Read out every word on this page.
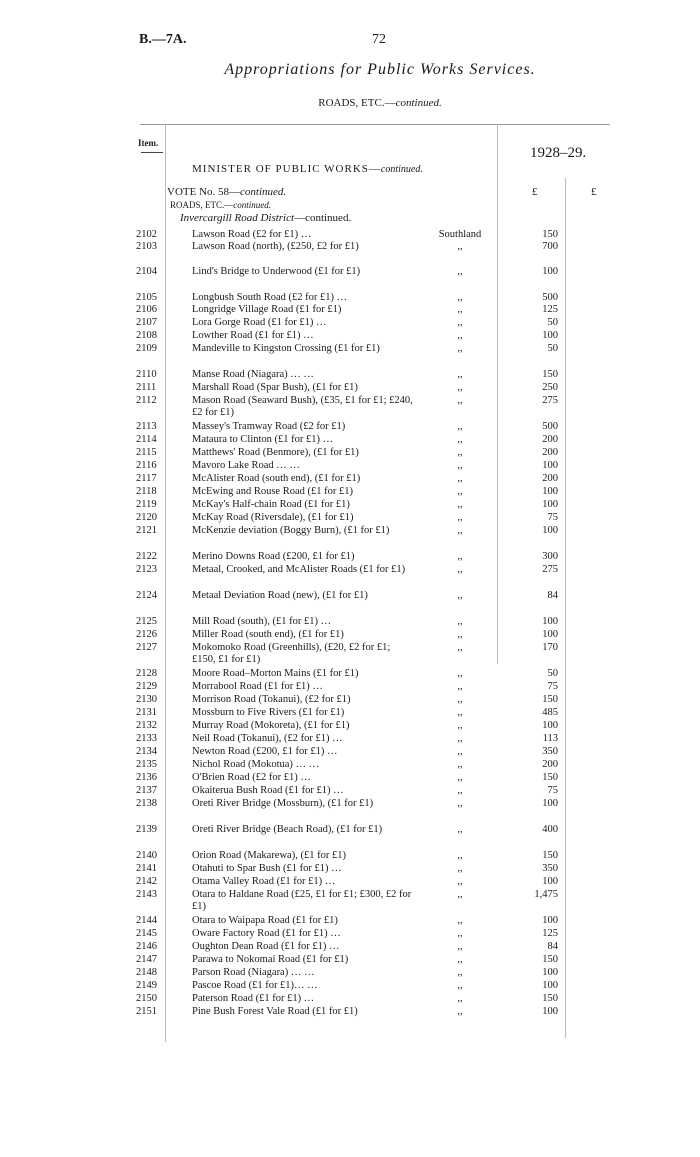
B.—7A.	72
Appropriations for Public Works Services.
ROADS, ETC.—continued.
Item.
1928–29.
MINISTER OF PUBLIC WORKS—continued.
VOTE No. 58—continued.	£	£
ROADS, ETC.—continued.
Invercargill Road District—continued.
2102	Lawson Road (£2 for £1) …	Southland	150
2103	Lawson Road (north), (£250, £2 for £1)	,,	700
2104	Lind's Bridge to Underwood (£1 for £1)	,,	100
2105	Longbush South Road (£2 for £1) …	,,	500
2106	Longridge Village Road (£1 for £1)	,,	125
2107	Lora Gorge Road (£1 for £1) …	,,	50
2108	Lowther Road (£1 for £1) …	,,	100
2109	Mandeville to Kingston Crossing (£1 for £1)	,,	50
2110	Manse Road (Niagara) … …	,,	150
2111	Marshall Road (Spar Bush), (£1 for £1)	,,	250
2112	Mason Road (Seaward Bush), (£35, £1 for £1; £240, £2 for £1)
,,	275
2113	Massey's Tramway Road (£2 for £1)	,,	500
2114	Mataura to Clinton (£1 for £1) …	,,	200
2115	Matthews' Road (Benmore), (£1 for £1)	,,	200
2116	Mavoro Lake Road … …	,,	100
2117	McAlister Road (south end), (£1 for £1)	,,	200
2118	McEwing and Rouse Road (£1 for £1)	,,	100
2119	McKay's Half-chain Road (£1 for £1)	,,	100
2120	McKay Road (Riversdale), (£1 for £1)	,,	75
2121	McKenzie deviation (Boggy Burn), (£1 for £1)	,,	100
2122	Merino Downs Road (£200, £1 for £1)	,,	300
2123	Metaal, Crooked, and McAlister Roads (£1 for £1)	,,	275
2124	Metaal Deviation Road (new), (£1 for £1)	,,	84
2125	Mill Road (south), (£1 for £1) …	,,	100
2126	Miller Road (south end), (£1 for £1)	,,	100
2127	Mokomoko Road (Greenhills), (£20, £2 for £1; £150, £1 for £1)
,,	170
2128	Moore Road–Morton Mains (£1 for £1)	,,	50
2129	Morrabool Road (£1 for £1) …	,,	75
2130	Morrison Road (Tokanui), (£2 for £1)	,,	150
2131	Mossburn to Five Rivers (£1 for £1)	,,	485
2132	Murray Road (Mokoreta), (£1 for £1)	,,	100
2133	Neil Road (Tokanui), (£2 for £1) …	,,	113
2134	Newton Road (£200, £1 for £1) …	,,	350
2135	Nichol Road (Mokotua) … …	,,	200
2136	O'Brien Road (£2 for £1) …	,,	150
2137	Okaiterua Bush Road (£1 for £1) …	,,	75
2138	Oreti River Bridge (Mossburn), (£1 for £1)	,,	100
2139	Oreti River Bridge (Beach Road), (£1 for £1)	,,	400
2140	Orion Road (Makarewa), (£1 for £1)	,,	150
2141	Otahuti to Spar Bush (£1 for £1) …	,,	350
2142	Otama Valley Road (£1 for £1) …	,,	100
2143	Otara to Haldane Road (£25, £1 for £1; £300, £2 for £1)
,,	1,475
2144	Otara to Waipapa Road (£1 for £1)	,,	100
2145	Oware Factory Road (£1 for £1) …	,,	125
2146	Oughton Dean Road (£1 for £1) …	,,	84
2147	Parawa to Nokomai Road (£1 for £1)	,,	150
2148	Parson Road (Niagara) … …	,,	100
2149	Pascoe Road (£1 for £1)… …	,,	100
2150	Paterson Road (£1 for £1) …	,,	150
2151	Pine Bush Forest Vale Road (£1 for £1)	,,	100
